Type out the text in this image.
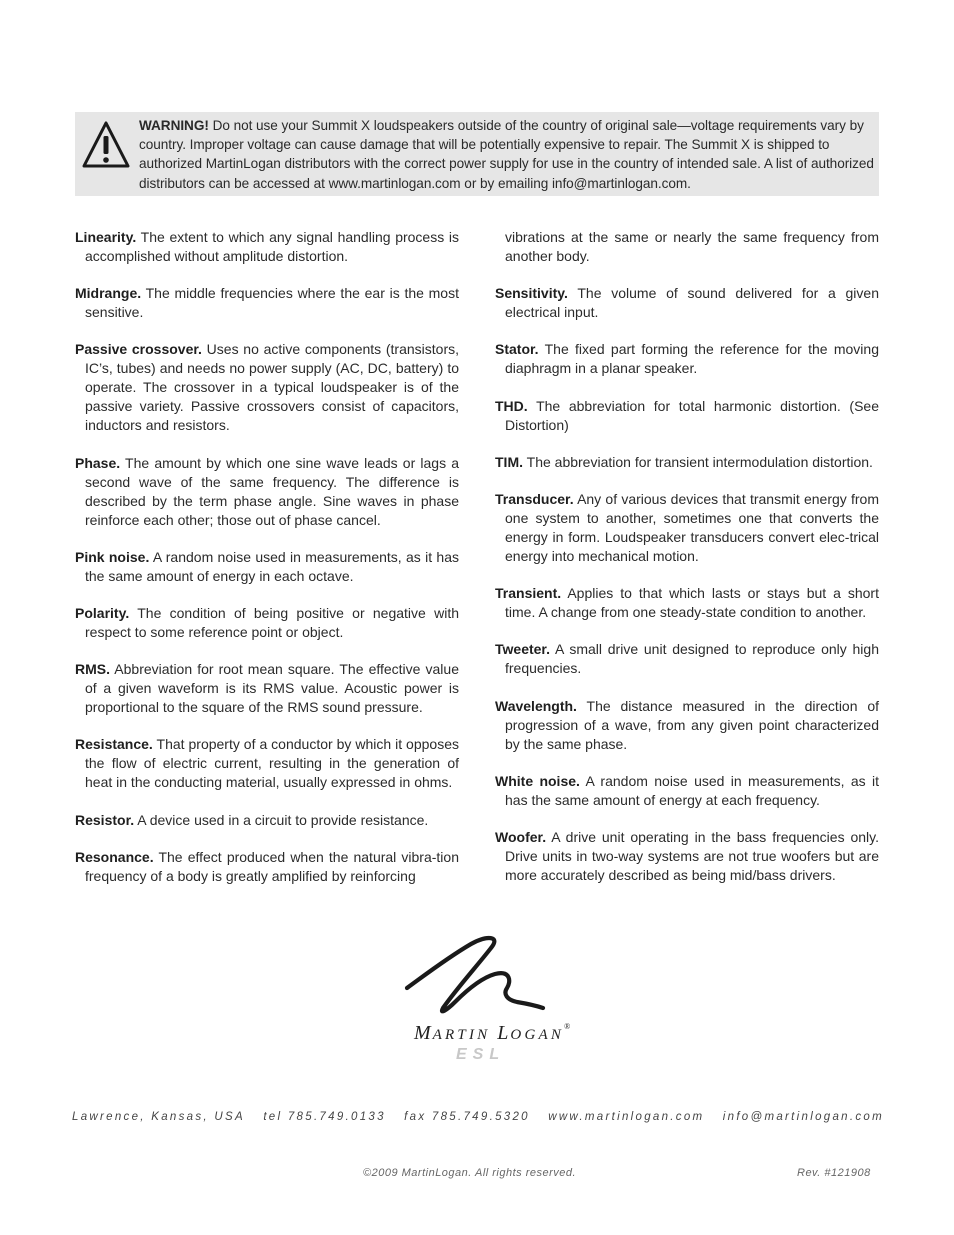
WARNING! Do not use your Summit X loudspeakers outside of the country of original sale—voltage requirements vary by country. Improper voltage can cause damage that will be potentially expensive to repair. The Summit X is shipped to authorized MartinLogan distributors with the correct power supply for use in the country of intended sale. A list of authorized distributors can be accessed at www.martinlogan.com or by emailing info@martinlogan.com.

Linearity. The extent to which any signal handling process is accomplished without amplitude distortion.

Midrange. The middle frequencies where the ear is the most sensitive.

Passive crossover. Uses no active components (transistors, IC’s, tubes) and needs no power supply (AC, DC, battery) to operate. The crossover in a typical loudspeaker is of the passive variety. Passive crossovers consist of capacitors, inductors and resistors.

Phase. The amount by which one sine wave leads or lags a second wave of the same frequency. The difference is described by the term phase angle. Sine waves in phase reinforce each other; those out of phase cancel.

Pink noise. A random noise used in measurements, as it has the same amount of energy in each octave.

Polarity. The condition of being positive or negative with respect to some reference point or object.

RMS. Abbreviation for root mean square. The effective value of a given waveform is its RMS value. Acoustic power is proportional to the square of the RMS sound pressure.

Resistance. That property of a conductor by which it opposes the flow of electric current, resulting in the generation of heat in the conducting material, usually expressed in ohms.

Resistor. A device used in a circuit to provide resistance.

Resonance. The effect produced when the natural vibra-tion frequency of a body is greatly amplified by reinforcing

vibrations at the same or nearly the same frequency from another body.

Sensitivity. The volume of sound delivered for a given electrical input.

Stator. The fixed part forming the reference for the moving diaphragm in a planar speaker.

THD. The abbreviation for total harmonic distortion. (See Distortion)

TIM. The abbreviation for transient intermodulation distortion.

Transducer. Any of various devices that transmit energy from one system to another, sometimes one that converts the energy in form. Loudspeaker transducers convert elec-trical energy into mechanical motion.

Transient. Applies to that which lasts or stays but a short time. A change from one steady-state condition to another.

Tweeter. A small drive unit designed to reproduce only high frequencies.

Wavelength. The distance measured in the direction of progression of a wave, from any given point characterized by the same phase.

White noise. A random noise used in measurements, as it has the same amount of energy at each frequency.

Woofer. A drive unit operating in the bass frequencies only. Drive units in two-way systems are not true woofers but are more accurately described as being mid/bass drivers.

MARTIN LOGAN®
ESL
Lawrence, Kansas, USA tel 785.749.0133 fax 785.749.5320 www.martinlogan.com info@martinlogan.com
©2009 MartinLogan. All rights reserved.	Rev. #121908
